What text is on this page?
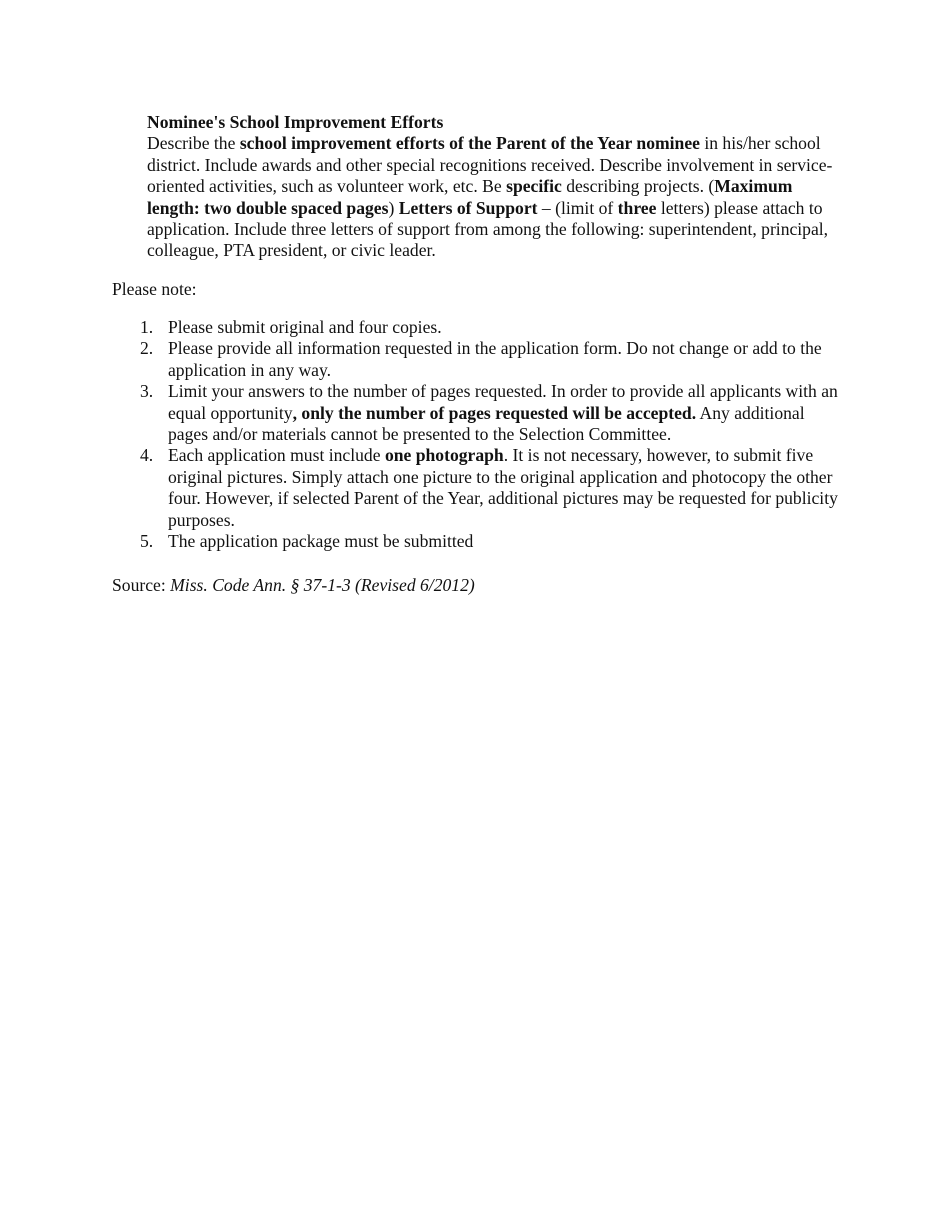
Nominee's School Improvement Efforts

Describe the school improvement efforts of the Parent of the Year nominee in his/her school district. Include awards and other special recognitions received. Describe involvement in service-oriented activities, such as volunteer work, etc. Be specific describing projects. (Maximum length: two double spaced pages) Letters of Support – (limit of three letters) please attach to application. Include three letters of support from among the following: superintendent, principal, colleague, PTA president, or civic leader.

Please note:

1. Please submit original and four copies.
2. Please provide all information requested in the application form. Do not change or add to the application in any way.
3. Limit your answers to the number of pages requested. In order to provide all applicants with an equal opportunity, only the number of pages requested will be accepted. Any additional pages and/or materials cannot be presented to the Selection Committee.
4. Each application must include one photograph. It is not necessary, however, to submit five original pictures. Simply attach one picture to the original application and photocopy the other four. However, if selected Parent of the Year, additional pictures may be requested for publicity purposes.
5. The application package must be submitted

Source: Miss. Code Ann. § 37-1-3 (Revised 6/2012)
